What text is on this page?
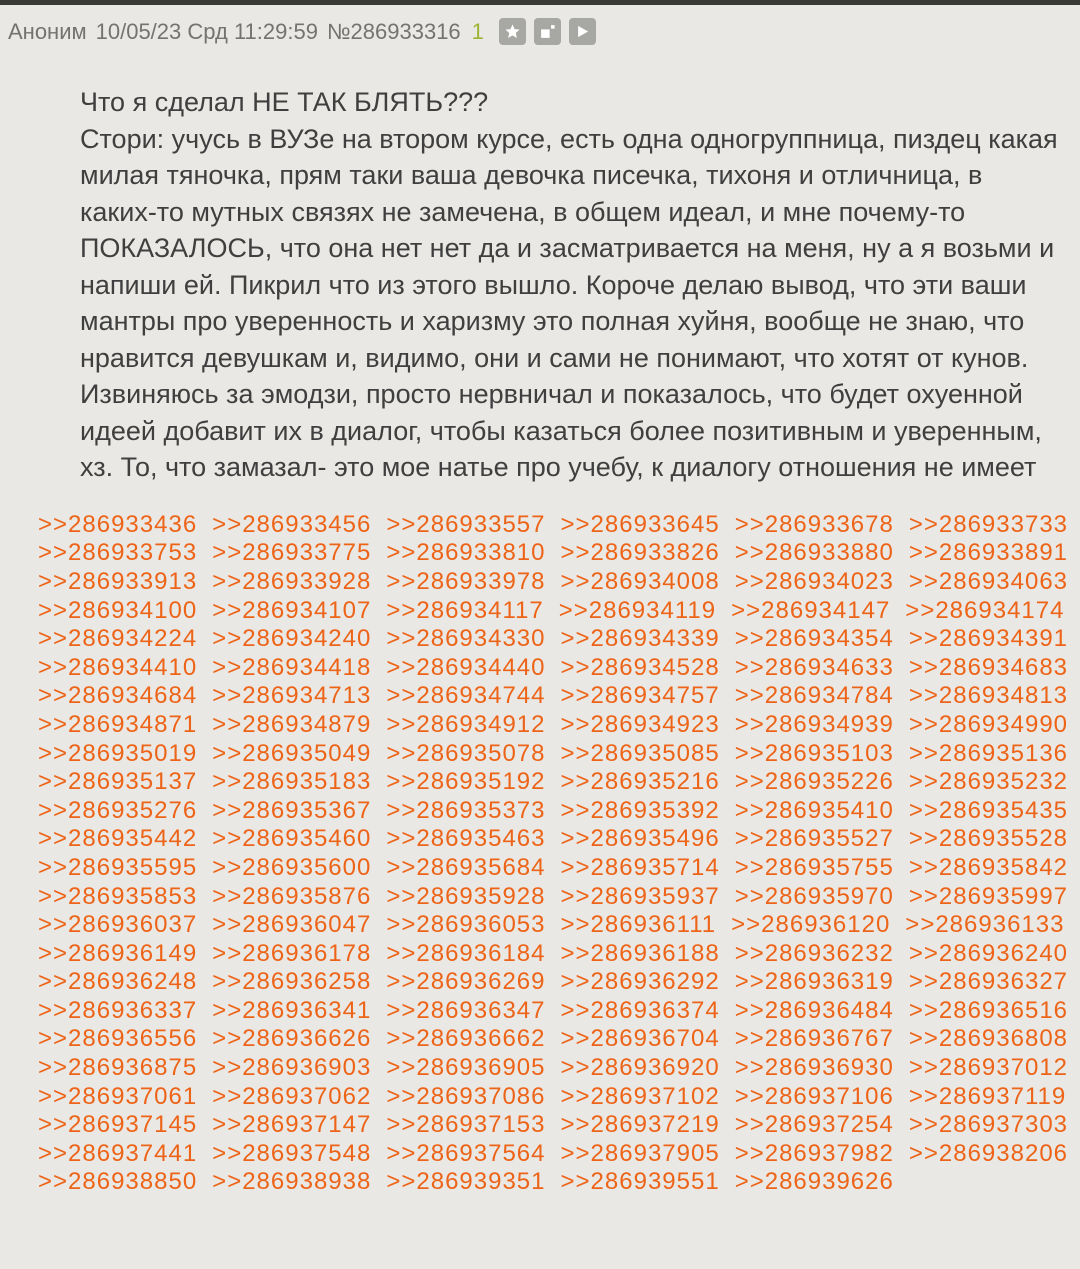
Аноним 10/05/23 Срд 11:29:59 №286933316 1
Что я сделал НЕ ТАК БЛЯТЬ???
Стори: учусь в ВУЗе на втором курсе, есть одна одногруппница, пиздец какая милая тяночка, прям таки ваша девочка писечка, тихоня и отличница, в каких-то мутных связях не замечена, в общем идеал, и мне почему-то ПОКАЗАЛОСЬ, что она нет нет да и засматривается на меня, ну а я возьми и напиши ей. Пикрил что из этого вышло. Короче делаю вывод, что эти ваши мантры про уверенность и харизму это полная хуйня, вообще не знаю, что нравится девушкам и, видимо, они и сами не понимают, что хотят от кунов. Извиняюсь за эмодзи, просто нервничал и показалось, что будет охуенной идеей добавит их в диалог, чтобы казаться более позитивным и уверенным, хз. То, что замазал- это мое натье про учебу, к диалогу отношения не имеет
>>286933436 >>286933456 >>286933557 >>286933645 >>286933678 >>286933733
>>286933753 >>286933775 >>286933810 >>286933826 >>286933880 >>286933891
>>286933913 >>286933928 >>286933978 >>286934008 >>286934023 >>286934063
>>286934100 >>286934107 >>286934117 >>286934119 >>286934147 >>286934174
>>286934224 >>286934240 >>286934330 >>286934339 >>286934354 >>286934391
>>286934410 >>286934418 >>286934440 >>286934528 >>286934633 >>286934683
>>286934684 >>286934713 >>286934744 >>286934757 >>286934784 >>286934813
>>286934871 >>286934879 >>286934912 >>286934923 >>286934939 >>286934990
>>286935019 >>286935049 >>286935078 >>286935085 >>286935103 >>286935136
>>286935137 >>286935183 >>286935192 >>286935216 >>286935226 >>286935232
>>286935276 >>286935367 >>286935373 >>286935392 >>286935410 >>286935435
>>286935442 >>286935460 >>286935463 >>286935496 >>286935527 >>286935528
>>286935595 >>286935600 >>286935684 >>286935714 >>286935755 >>286935842
>>286935853 >>286935876 >>286935928 >>286935937 >>286935970 >>286935997
>>286936037 >>286936047 >>286936053 >>286936111 >>286936120 >>286936133
>>286936149 >>286936178 >>286936184 >>286936188 >>286936232 >>286936240
>>286936248 >>286936258 >>286936269 >>286936292 >>286936319 >>286936327
>>286936337 >>286936341 >>286936347 >>286936374 >>286936484 >>286936516
>>286936556 >>286936626 >>286936662 >>286936704 >>286936767 >>286936808
>>286936875 >>286936903 >>286936905 >>286936920 >>286936930 >>286937012
>>286937061 >>286937062 >>286937086 >>286937102 >>286937106 >>286937119
>>286937145 >>286937147 >>286937153 >>286937219 >>286937254 >>286937303
>>286937441 >>286937548 >>286937564 >>286937905 >>286937982 >>286938206
>>286938850 >>286938938 >>286939351 >>286939551 >>286939626
